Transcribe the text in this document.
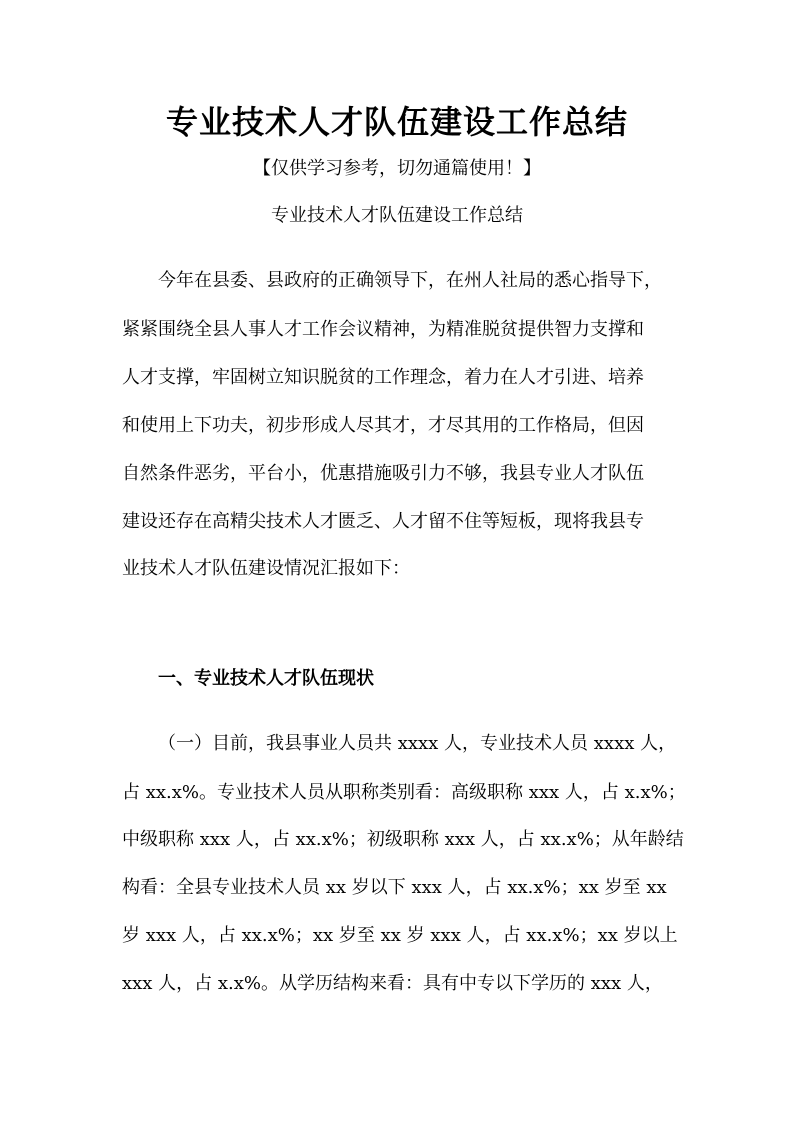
专业技术人才队伍建设工作总结
【仅供学习参考，切勿通篇使用！】
专业技术人才队伍建设工作总结
今年在县委、县政府的正确领导下，在州人社局的悉心指导下，
紧紧围绕全县人事人才工作会议精神，为精准脱贫提供智力支撑和
人才支撑，牢固树立知识脱贫的工作理念，着力在人才引进、培养
和使用上下功夫，初步形成人尽其才，才尽其用的工作格局，但因
自然条件恶劣，平台小，优惠措施吸引力不够，我县专业人才队伍
建设还存在高精尖技术人才匮乏、人才留不住等短板，现将我县专
业技术人才队伍建设情况汇报如下：
一、专业技术人才队伍现状
（一）目前，我县事业人员共 xxxx 人，专业技术人员 xxxx 人，
占 xx.x%。专业技术人员从职称类别看：高级职称 xxx 人，占 x.x%；
中级职称 xxx 人，占 xx.x%；初级职称 xxx 人，占 xx.x%；从年龄结
构看：全县专业技术人员 xx 岁以下 xxx 人，占 xx.x%；xx 岁至 xx
岁 xxx 人，占 xx.x%；xx 岁至 xx 岁 xxx 人，占 xx.x%；xx 岁以上
xxx 人，占 x.x%。从学历结构来看：具有中专以下学历的 xxx 人，
